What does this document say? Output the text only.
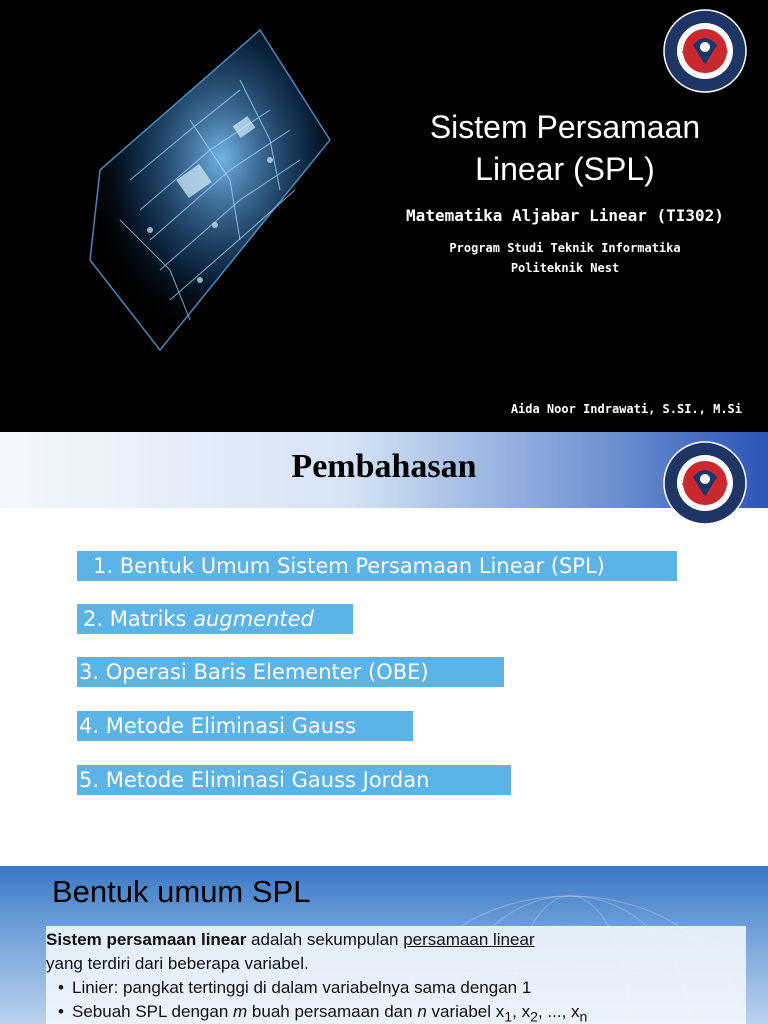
Sistem Persamaan
Linear (SPL)
Matematika Aljabar Linear (TI302)
Program Studi Teknik Informatika
Politeknik Nest
Aida Noor Indrawati, S.SI., M.Si
Pembahasan
1. Bentuk Umum Sistem Persamaan Linear (SPL)
2. Matriks augmented
3. Operasi Baris Elementer (OBE)
4. Metode Eliminasi Gauss
5. Metode Eliminasi Gauss Jordan
Bentuk umum SPL
Sistem persamaan linear adalah sekumpulan persamaan linear
yang terdiri dari beberapa variabel.
• Linier: pangkat tertinggi di dalam variabelnya sama dengan 1
• Sebuah SPL dengan m buah persamaan dan n variabel $x_1$, $x_2$, ..., $x_n$
